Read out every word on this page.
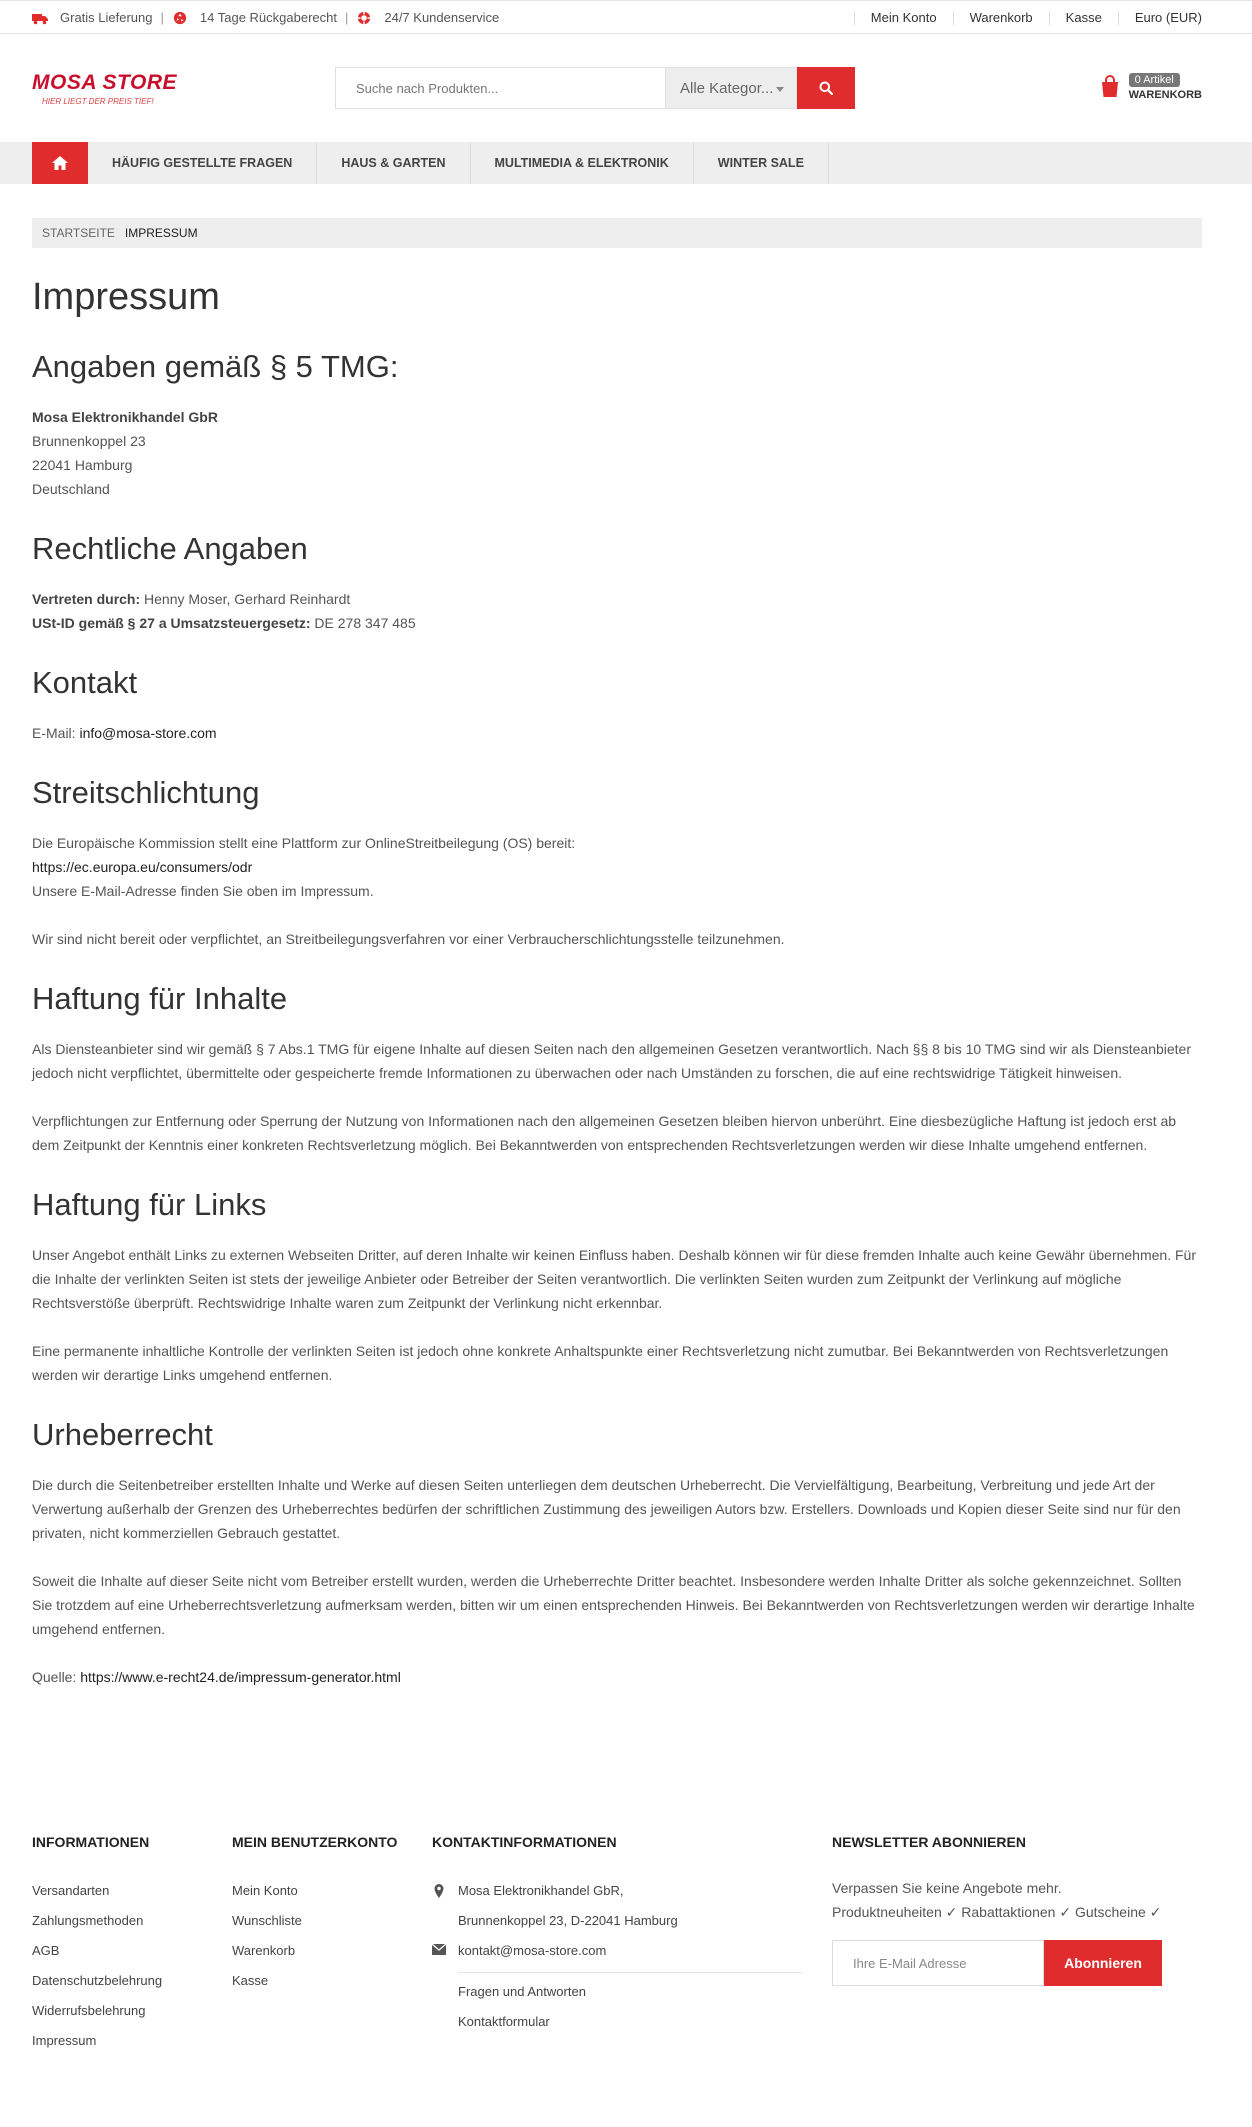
Gratis Lieferung |	14 Tage Rückgaberecht |	24/7 Kundenservice	Mein Konto	Warenkorb	Kasse	Euro (EUR)
MOSA STORE
HIER LIEGT DER PREIS TIEF!
Suche nach Produkten...	Alle Kategor...	0 Artikel
WARENKORB
HÄUFIG GESTELLTE FRAGEN	HAUS & GARTEN	MULTIMEDIA & ELEKTRONIK	WINTER SALE
STARTSEITE IMPRESSUM
Impressum
Angaben gemäß § 5 TMG:

Mosa Elektronikhandel GbR

Brunnenkoppel 23

22041 Hamburg

Deutschland

Rechtliche Angaben

Vertreten durch: Henny Moser, Gerhard Reinhardt

USt-ID gemäß § 27 a Umsatzsteuergesetz: DE 278 347 485

Kontakt

E-Mail: info@mosa-store.com

Streitschlichtung

Die Europäische Kommission stellt eine Plattform zur OnlineStreitbeilegung (OS) bereit:

https://ec.europa.eu/consumers/odr

Unsere E-Mail-Adresse finden Sie oben im Impressum.

Wir sind nicht bereit oder verpflichtet, an Streitbeilegungsverfahren vor einer Verbraucherschlichtungsstelle teilzunehmen.

Haftung für Inhalte

Als Diensteanbieter sind wir gemäß § 7 Abs.1 TMG für eigene Inhalte auf diesen Seiten nach den allgemeinen Gesetzen verantwortlich. Nach §§ 8 bis 10 TMG sind wir als Diensteanbieter jedoch nicht verpflichtet, übermittelte oder gespeicherte fremde Informationen zu überwachen oder nach Umständen zu forschen, die auf eine rechtswidrige Tätigkeit hinweisen.

Verpflichtungen zur Entfernung oder Sperrung der Nutzung von Informationen nach den allgemeinen Gesetzen bleiben hiervon unberührt. Eine diesbezügliche Haftung ist jedoch erst ab dem Zeitpunkt der Kenntnis einer konkreten Rechtsverletzung möglich. Bei Bekanntwerden von entsprechenden Rechtsverletzungen werden wir diese Inhalte umgehend entfernen.

Haftung für Links

Unser Angebot enthält Links zu externen Webseiten Dritter, auf deren Inhalte wir keinen Einfluss haben. Deshalb können wir für diese fremden Inhalte auch keine Gewähr übernehmen. Für die Inhalte der verlinkten Seiten ist stets der jeweilige Anbieter oder Betreiber der Seiten verantwortlich. Die verlinkten Seiten wurden zum Zeitpunkt der Verlinkung auf mögliche Rechtsverstöße überprüft. Rechtswidrige Inhalte waren zum Zeitpunkt der Verlinkung nicht erkennbar.

Eine permanente inhaltliche Kontrolle der verlinkten Seiten ist jedoch ohne konkrete Anhaltspunkte einer Rechtsverletzung nicht zumutbar. Bei Bekanntwerden von Rechtsverletzungen werden wir derartige Links umgehend entfernen.

Urheberrecht

Die durch die Seitenbetreiber erstellten Inhalte und Werke auf diesen Seiten unterliegen dem deutschen Urheberrecht. Die Vervielfältigung, Bearbeitung, Verbreitung und jede Art der Verwertung außerhalb der Grenzen des Urheberrechtes bedürfen der schriftlichen Zustimmung des jeweiligen Autors bzw. Erstellers. Downloads und Kopien dieser Seite sind nur für den privaten, nicht kommerziellen Gebrauch gestattet.

Soweit die Inhalte auf dieser Seite nicht vom Betreiber erstellt wurden, werden die Urheberrechte Dritter beachtet. Insbesondere werden Inhalte Dritter als solche gekennzeichnet. Sollten Sie trotzdem auf eine Urheberrechtsverletzung aufmerksam werden, bitten wir um einen entsprechenden Hinweis. Bei Bekanntwerden von Rechtsverletzungen werden wir derartige Inhalte umgehend entfernen.

Quelle: https://www.e-recht24.de/impressum-generator.html

INFORMATIONEN
Versandarten
Zahlungsmethoden
AGB
Datenschutzbelehrung
Widerrufsbelehrung
Impressum
MEIN BENUTZERKONTO
Mein Konto
Wunschliste
Warenkorb
Kasse
KONTAKTINFORMATIONEN
Mosa Elektronikhandel GbR,
Brunnenkoppel 23, D-22041 Hamburg
kontakt@mosa-store.com
Fragen und Antworten
Kontaktformular
NEWSLETTER ABONNIEREN

Verpassen Sie keine Angebote mehr.

Produktneuheiten ✓ Rabattaktionen ✓ Gutscheine ✓

Ihre E-Mail Adresse	Abonnieren
